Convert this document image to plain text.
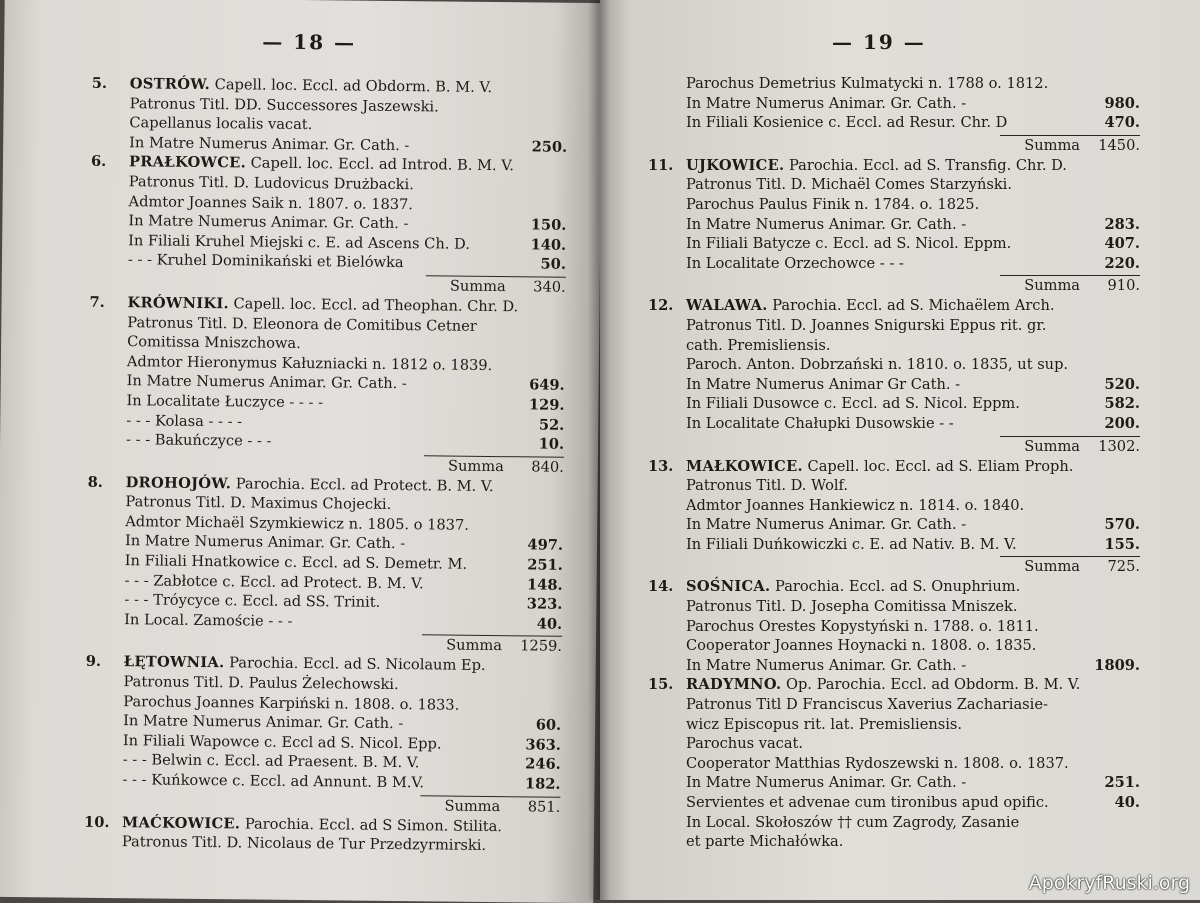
— 18 —
5. OSTRÓW. Capell. loc. Eccl. ad Obdorm. B. M. V.
Patronus Titl. DD. Successores Jaszewski.
Capellanus localis vacat.
In Matre Numerus Animar. Gr. Cath. -	250.
6. PRAŁKOWCE. Capell. loc. Eccl. ad Introd. B. M. V.
Patronus Titl. D. Ludovicus Drużbacki.
Admtor Joannes Saik n. 1807. o. 1837.
In Matre Numerus Animar. Gr. Cath. -	150.
In Filiali Kruhel Miejski c. E. ad Ascens Ch. D.	140.
- - - Kruhel Dominikański et Bielówka	50.
Summa 340.
7. KRÓWNIKI. Capell. loc. Eccl. ad Theophan. Chr. D.
Patronus Titl. D. Eleonora de Comitibus Cetner
Comitissa Mniszchowa.
Admtor Hieronymus Kałuzniacki n. 1812 o. 1839.
In Matre Numerus Animar. Gr. Cath. -	649.
In Localitate Łuczyce - - - -	129.
- - - Kolasa - - - -	52.
- - - Bakuńczyce - - -	10.
Summa 840.
8. DROHOJÓW. Parochia. Eccl. ad Protect. B. M. V.
Patronus Titl. D. Maximus Chojecki.
Admtor Michaël Szymkiewicz n. 1805. o 1837.
In Matre Numerus Animar. Gr. Cath. -	497.
In Filiali Hnatkowice c. Eccl. ad S. Demetr. M.	251.
- - - Zabłotce c. Eccl. ad Protect. B. M. V.	148.
- - - Tróycyce c. Eccl. ad SS. Trinit.	323.
In Local. Zamoście - - -	40.
Summa 1259.
9. ŁĘTOWNIA. Parochia. Eccl. ad S. Nicolaum Ep.
Patronus Titl. D. Paulus Żelechowski.
Parochus Joannes Karpiński n. 1808. o. 1833.
In Matre Numerus Animar. Gr. Cath. -	60.
In Filiali Wapowce c. Eccl ad S. Nicol. Epp.	363.
- - - Belwin c. Eccl. ad Praesent. B. M. V.	246.
- - - Kuńkowce c. Eccl. ad Annunt. B M.V.	182.
Summa 851.
10. MAĆKOWICE. Parochia. Eccl. ad S Simon. Stilita.
Patronus Titl. D. Nicolaus de Tur Przedzyrmirski.
— 19 —
Parochus Demetrius Kulmatycki n. 1788 o. 1812.
In Matre Numerus Animar. Gr. Cath. -	980.
In Filiali Kosienice c. Eccl. ad Resur. Chr. D	470.
Summa 1450.
11. UJKOWICE. Parochia. Eccl. ad S. Transfig. Chr. D.
Patronus Titl. D. Michaël Comes Starzyński.
Parochus Paulus Finik n. 1784. o. 1825.
In Matre Numerus Animar. Gr. Cath. -	283.
In Filiali Batycze c. Eccl. ad S. Nicol. Eppm.	407.
In Localitate Orzechowce - - -	220.
Summa 910.
12. WALAWA. Parochia. Eccl. ad S. Michaëlem Arch.
Patronus Titl. D. Joannes Snigurski Eppus rit. gr.
cath. Premisliensis.
Paroch. Anton. Dobrzański n. 1810. o. 1835, ut sup.
In Matre Numerus Animar Gr Cath. -	520.
In Filiali Dusowce c. Eccl. ad S. Nicol. Eppm.	582.
In Localitate Chałupki Dusowskie - -	200.
Summa 1302.
13. MAŁKOWICE. Capell. loc. Eccl. ad S. Eliam Proph.
Patronus Titl. D. Wolf.
Admtor Joannes Hankiewicz n. 1814. o. 1840.
In Matre Numerus Animar. Gr. Cath. -	570.
In Filiali Duńkowiczki c. E. ad Nativ. B. M. V.	155.
Summa 725.
14. SOŚNICA. Parochia. Eccl. ad S. Onuphrium.
Patronus Titl. D. Josepha Comitissa Mniszek.
Parochus Orestes Kopystyński n. 1788. o. 1811.
Cooperator Joannes Hoynacki n. 1808. o. 1835.
In Matre Numerus Animar. Gr. Cath. -	1809.
15. RADYMNO. Op. Parochia. Eccl. ad Obdorm. B. M. V.
Patronus Titl D Franciscus Xaverius Zachariasie-
wicz Episcopus rit. lat. Premisliensis.
Parochus vacat.
Cooperator Matthias Rydoszewski n. 1808. o. 1837.
In Matre Numerus Animar. Gr. Cath. -	251.
Servientes et advenae cum tironibus apud opific.	40.
In Local. Skołoszów †† cum Zagrody, Zasanie
et parte Michałówka.
ApokryfRuski.org
